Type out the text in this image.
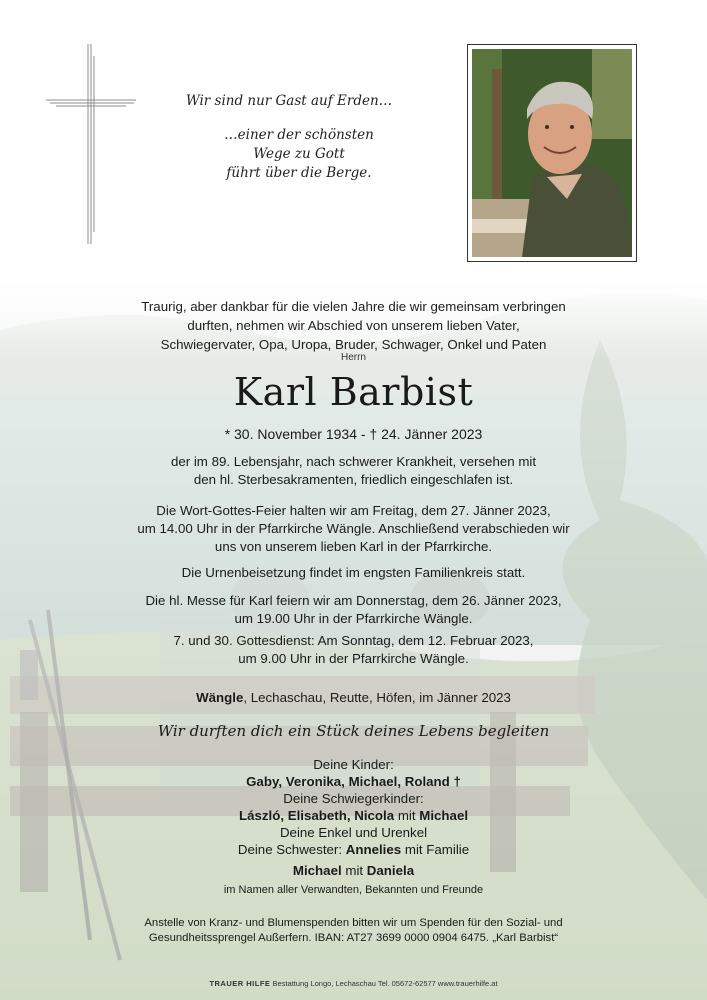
Wir sind nur Gast auf Erden…

…einer der schönsten

Wege zu Gott

führt über die Berge.

Traurig, aber dankbar für die vielen Jahre die wir gemeinsam verbringen

durften, nehmen wir Abschied von unserem lieben Vater,

Schwiegervater, Opa, Uropa, Bruder, Schwager, Onkel und Paten

Herrn
Karl Barbist
* 30. November 1934 - † 24. Jänner 2023

der im 89. Lebensjahr, nach schwerer Krankheit, versehen mit

den hl. Sterbesakramenten, friedlich eingeschlafen ist.

Die Wort-Gottes-Feier halten wir am Freitag, dem 27. Jänner 2023,

um 14.00 Uhr in der Pfarrkirche Wängle. Anschließend verabschieden wir

uns von unserem lieben Karl in der Pfarrkirche.

Die Urnenbeisetzung findet im engsten Familienkreis statt.

Die hl. Messe für Karl feiern wir am Donnerstag, dem 26. Jänner 2023,

um 19.00 Uhr in der Pfarrkirche Wängle.

7. und 30. Gottesdienst: Am Sonntag, dem 12. Februar 2023,

um 9.00 Uhr in der Pfarrkirche Wängle.

Wängle, Lechaschau, Reutte, Höfen, im Jänner 2023
Wir durften dich ein Stück deines Lebens begleiten

Deine Kinder:

Gaby, Veronika, Michael, Roland †

Deine Schwiegerkinder:

László, Elisabeth, Nicola mit Michael

Deine Enkel und Urenkel

Deine Schwester: Annelies mit Familie

Michael mit Daniela

im Namen aller Verwandten, Bekannten und Freunde

Anstelle von Kranz- und Blumenspenden bitten wir um Spenden für den Sozial- und

Gesundheitssprengel Außerfern. IBAN: AT27 3699 0000 0904 6475. „Karl Barbist“

TRAUER HILFE Bestattung Longo, Lechaschau Tel. 05672-62577 www.trauerhilfe.at
